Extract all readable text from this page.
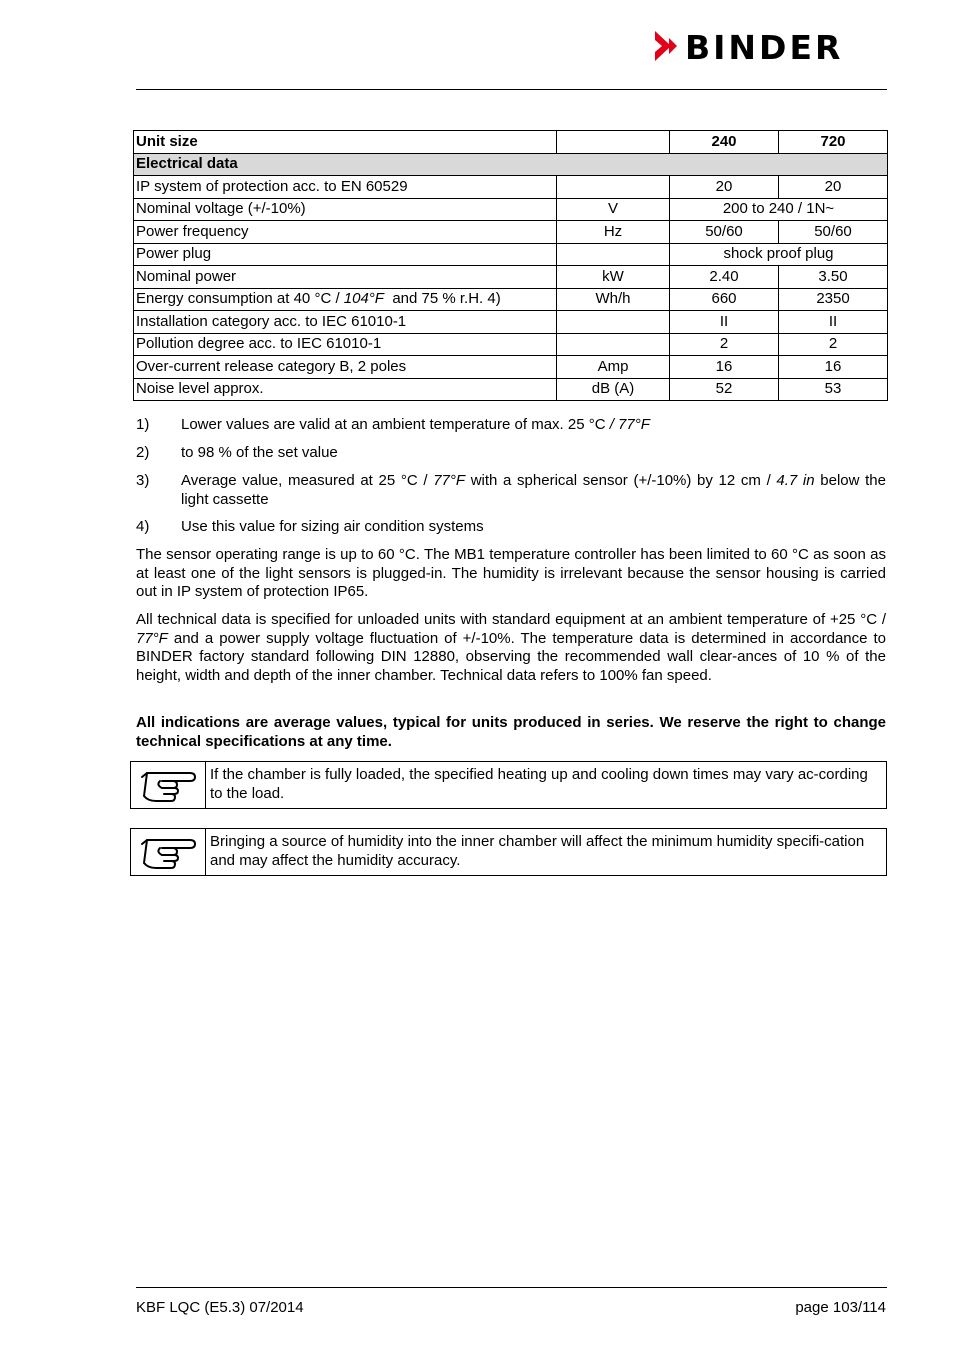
BINDER
Unit size		240	720
Electrical data			
IP system of protection acc. to EN 60529		20	20
Nominal voltage (+/-10%)	V	200 to 240 / 1N~	
Power frequency	Hz	50/60	50/60
Power plug		shock proof plug	
Nominal power	kW	2.40	3.50
Energy consumption at 40 °C / 104°F  and 75 % r.H. 4)	Wh/h	660	2350
Installation category acc. to IEC 61010-1		II	II
Pollution degree acc. to IEC 61010-1		2	2
Over-current release category B, 2 poles	Amp	16	16
Noise level approx.	dB (A)	52	53
1) Lower values are valid at an ambient temperature of max. 25 °C / 77°F
2) to 98 % of the set value
3) Average value, measured at 25 °C / 77°F with a spherical sensor (+/-10%) by 12 cm / 4.7 in below the light cassette
4) Use this value for sizing air condition systems
The sensor operating range is up to 60 °C. The MB1 temperature controller has been limited to 60 °C as soon as at least one of the light sensors is plugged-in. The humidity is irrelevant because the sensor housing is carried out in IP system of protection IP65.
All technical data is specified for unloaded units with standard equipment at an ambient temperature of +25 °C / 77°F and a power supply voltage fluctuation of +/-10%. The temperature data is determined in accordance to BINDER factory standard following DIN 12880, observing the recommended wall clear-ances of 10 % of the height, width and depth of the inner chamber. Technical data refers to 100% fan speed.
All indications are average values, typical for units produced in series. We reserve the right to change technical specifications at any time.
If the chamber is fully loaded, the specified heating up and cooling down times may vary ac-cording to the load.
Bringing a source of humidity into the inner chamber will affect the minimum humidity specifi-cation and may affect the humidity accuracy.
KBF LQC (E5.3) 07/2014	page 103/114
